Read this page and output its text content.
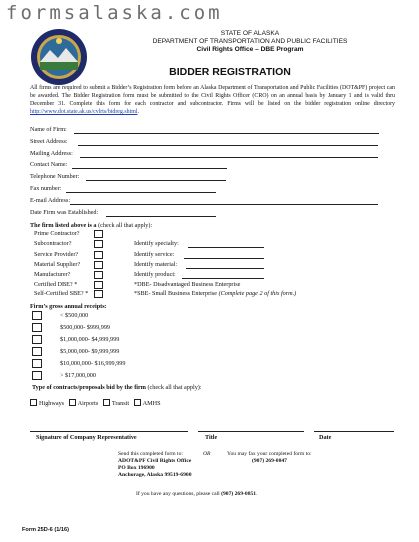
formsalaska.com
STATE OF ALASKA
DEPARTMENT OF TRANSPORTATION AND PUBLIC FACILITIES
Civil Rights Office – DBE Program
BIDDER REGISTRATION
All firms are required to submit a Bidder’s Registration form before an Alaska Department of Transportation and Public Facilities (DOT&PF) project can be awarded. The Bidder Registration form must be submitted to the Civil Rights Officer (CRO) on an annual basis by January 1 and is valid thru December 31. Complete this form for each contractor and subcontractor. Firms will be listed on the bidder registration online directory http://www.dot.state.ak.us/cvlrts/bidreg.shtml.
Name of Firm:
Street Address:
Mailing Address:
Contact Name:
Telephone Number:
Fax number:
E-mail Address:
Date Firm was Established:
The firm listed above is a (check all that apply):
Prime Contractor?
Subcontractor?	Identify specialty:
Service Provider?	Identify service:
Material Supplier?	Identify material:
Manufacturer?	Identify product:
Certified DBE? *	*DBE- Disadvantaged Business Enterprise
Self-Certified SBE? *	*SBE- Small Business Enterprise (Complete page 2 of this form.)
Firm’s gross annual receipts:
< $500,000
$500,000- $999,999
$1,000,000- $4,999,999
$5,000,000- $9,999,999
$10,000,000- $16,999,999
> $17,000,000
Type of contracts/proposals bid by the firm (check all that apply):
Highways Airports Transit AMHS
Signature of Company Representative	Title	Date
Send this completed form to:
ADOT&PF Civil Rights Office
PO Box 196900
Anchorage, Alaska 99519-6900
OR	You may fax your completed form to:
(907) 269-0847
If you have any questions, please call (907) 269-0851.
Form 25D-6 (1/16)
